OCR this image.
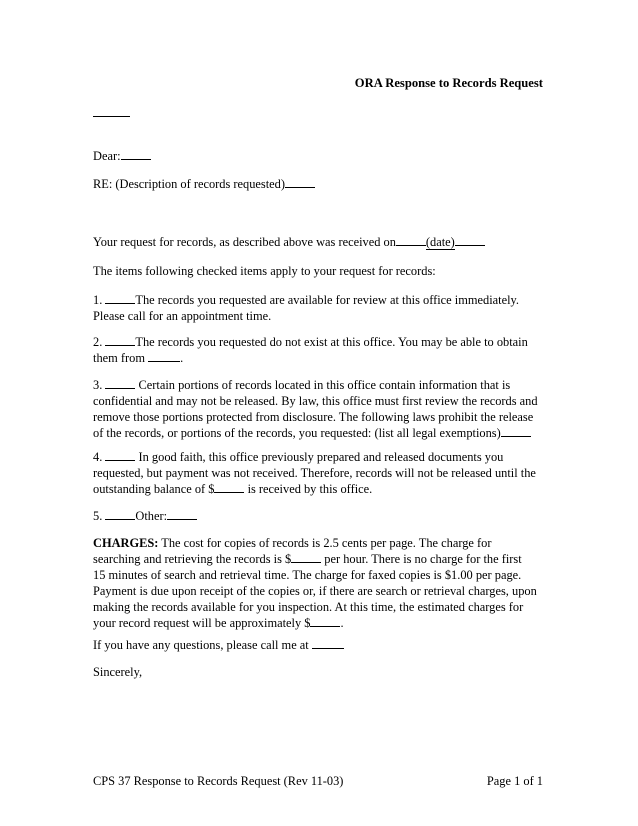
ORA Response to Records Request
Dear:
RE: (Description of records requested)
Your request for records, as described above was received on (date)
The items following checked items apply to your request for records:

1.	The records you requested are available for review at this office immediately.

Please call for an appointment time.

2.	The records you requested do not exist at this office. You may be able to obtain

them from	.

3.	Certain portions of records located in this office contain information that is

confidential and may not be released. By law, this office must first review the records and

remove those portions protected from disclosure. The following laws prohibit the release

of the records, or portions of the records, you requested: (list all legal exemptions)

4.	In good faith, this office previously prepared and released documents you

requested, but payment was not received. Therefore, records will not be released until the

outstanding balance of $ is received by this office.

5.	Other:

CHARGES: The cost for copies of records is 2.5 cents per page. The charge for

searching and retrieving the records is $ per hour. There is no charge for the first

15 minutes of search and retrieval time. The charge for faxed copies is $1.00 per page.

Payment is due upon receipt of the copies or, if there are search or retrieval charges, upon

making the records available for you inspection. At this time, the estimated charges for

your record request will be approximately $ .

If you have any questions, please call me at
Sincerely,
CPS 37 Response to Records Request (Rev 11-03)	Page 1 of 1
